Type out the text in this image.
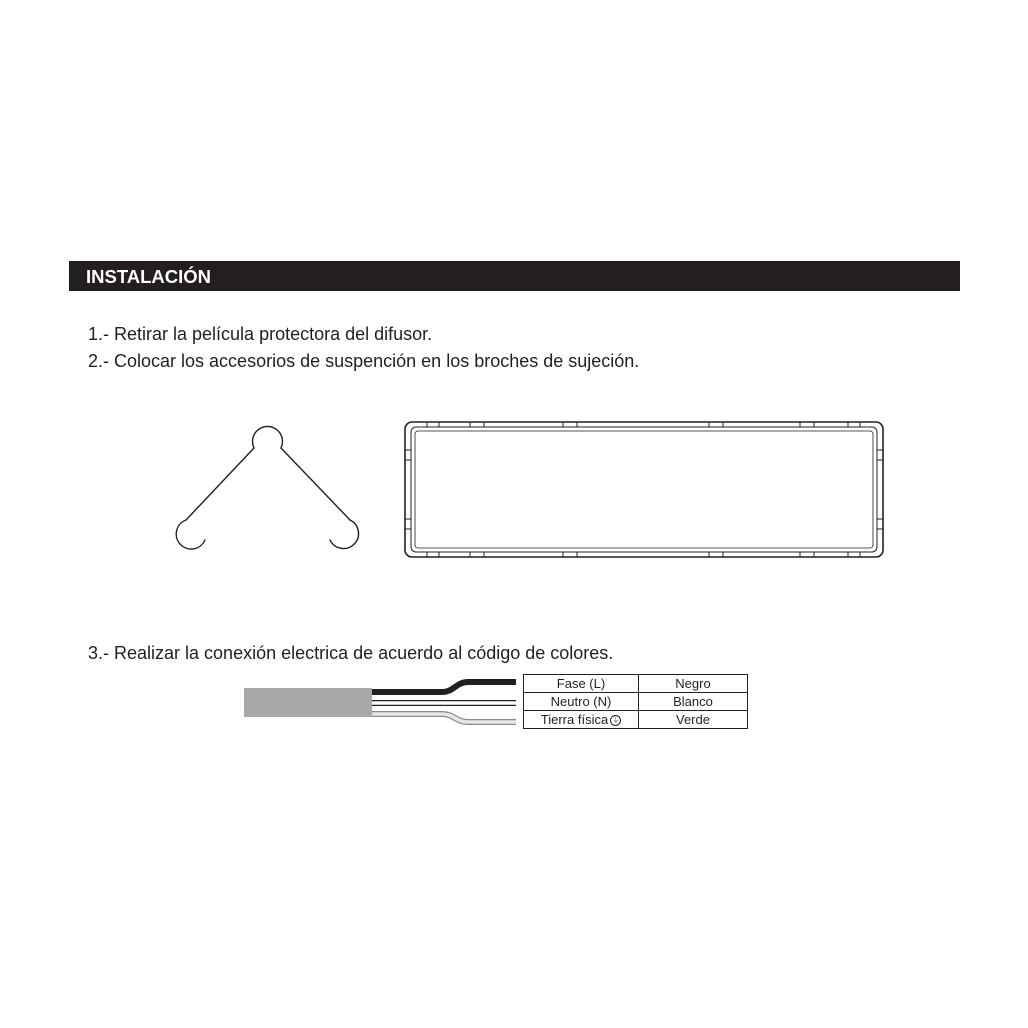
INSTALACIÓN
1.- Retirar la película protectora del difusor.
2.- Colocar los accesorios de suspención en los broches de sujeción.
3.- Realizar la conexión electrica de acuerdo al código de colores.
Fase (L)	Negro
Neutro (N)	Blanco
Tierra física ⏚	Verde
